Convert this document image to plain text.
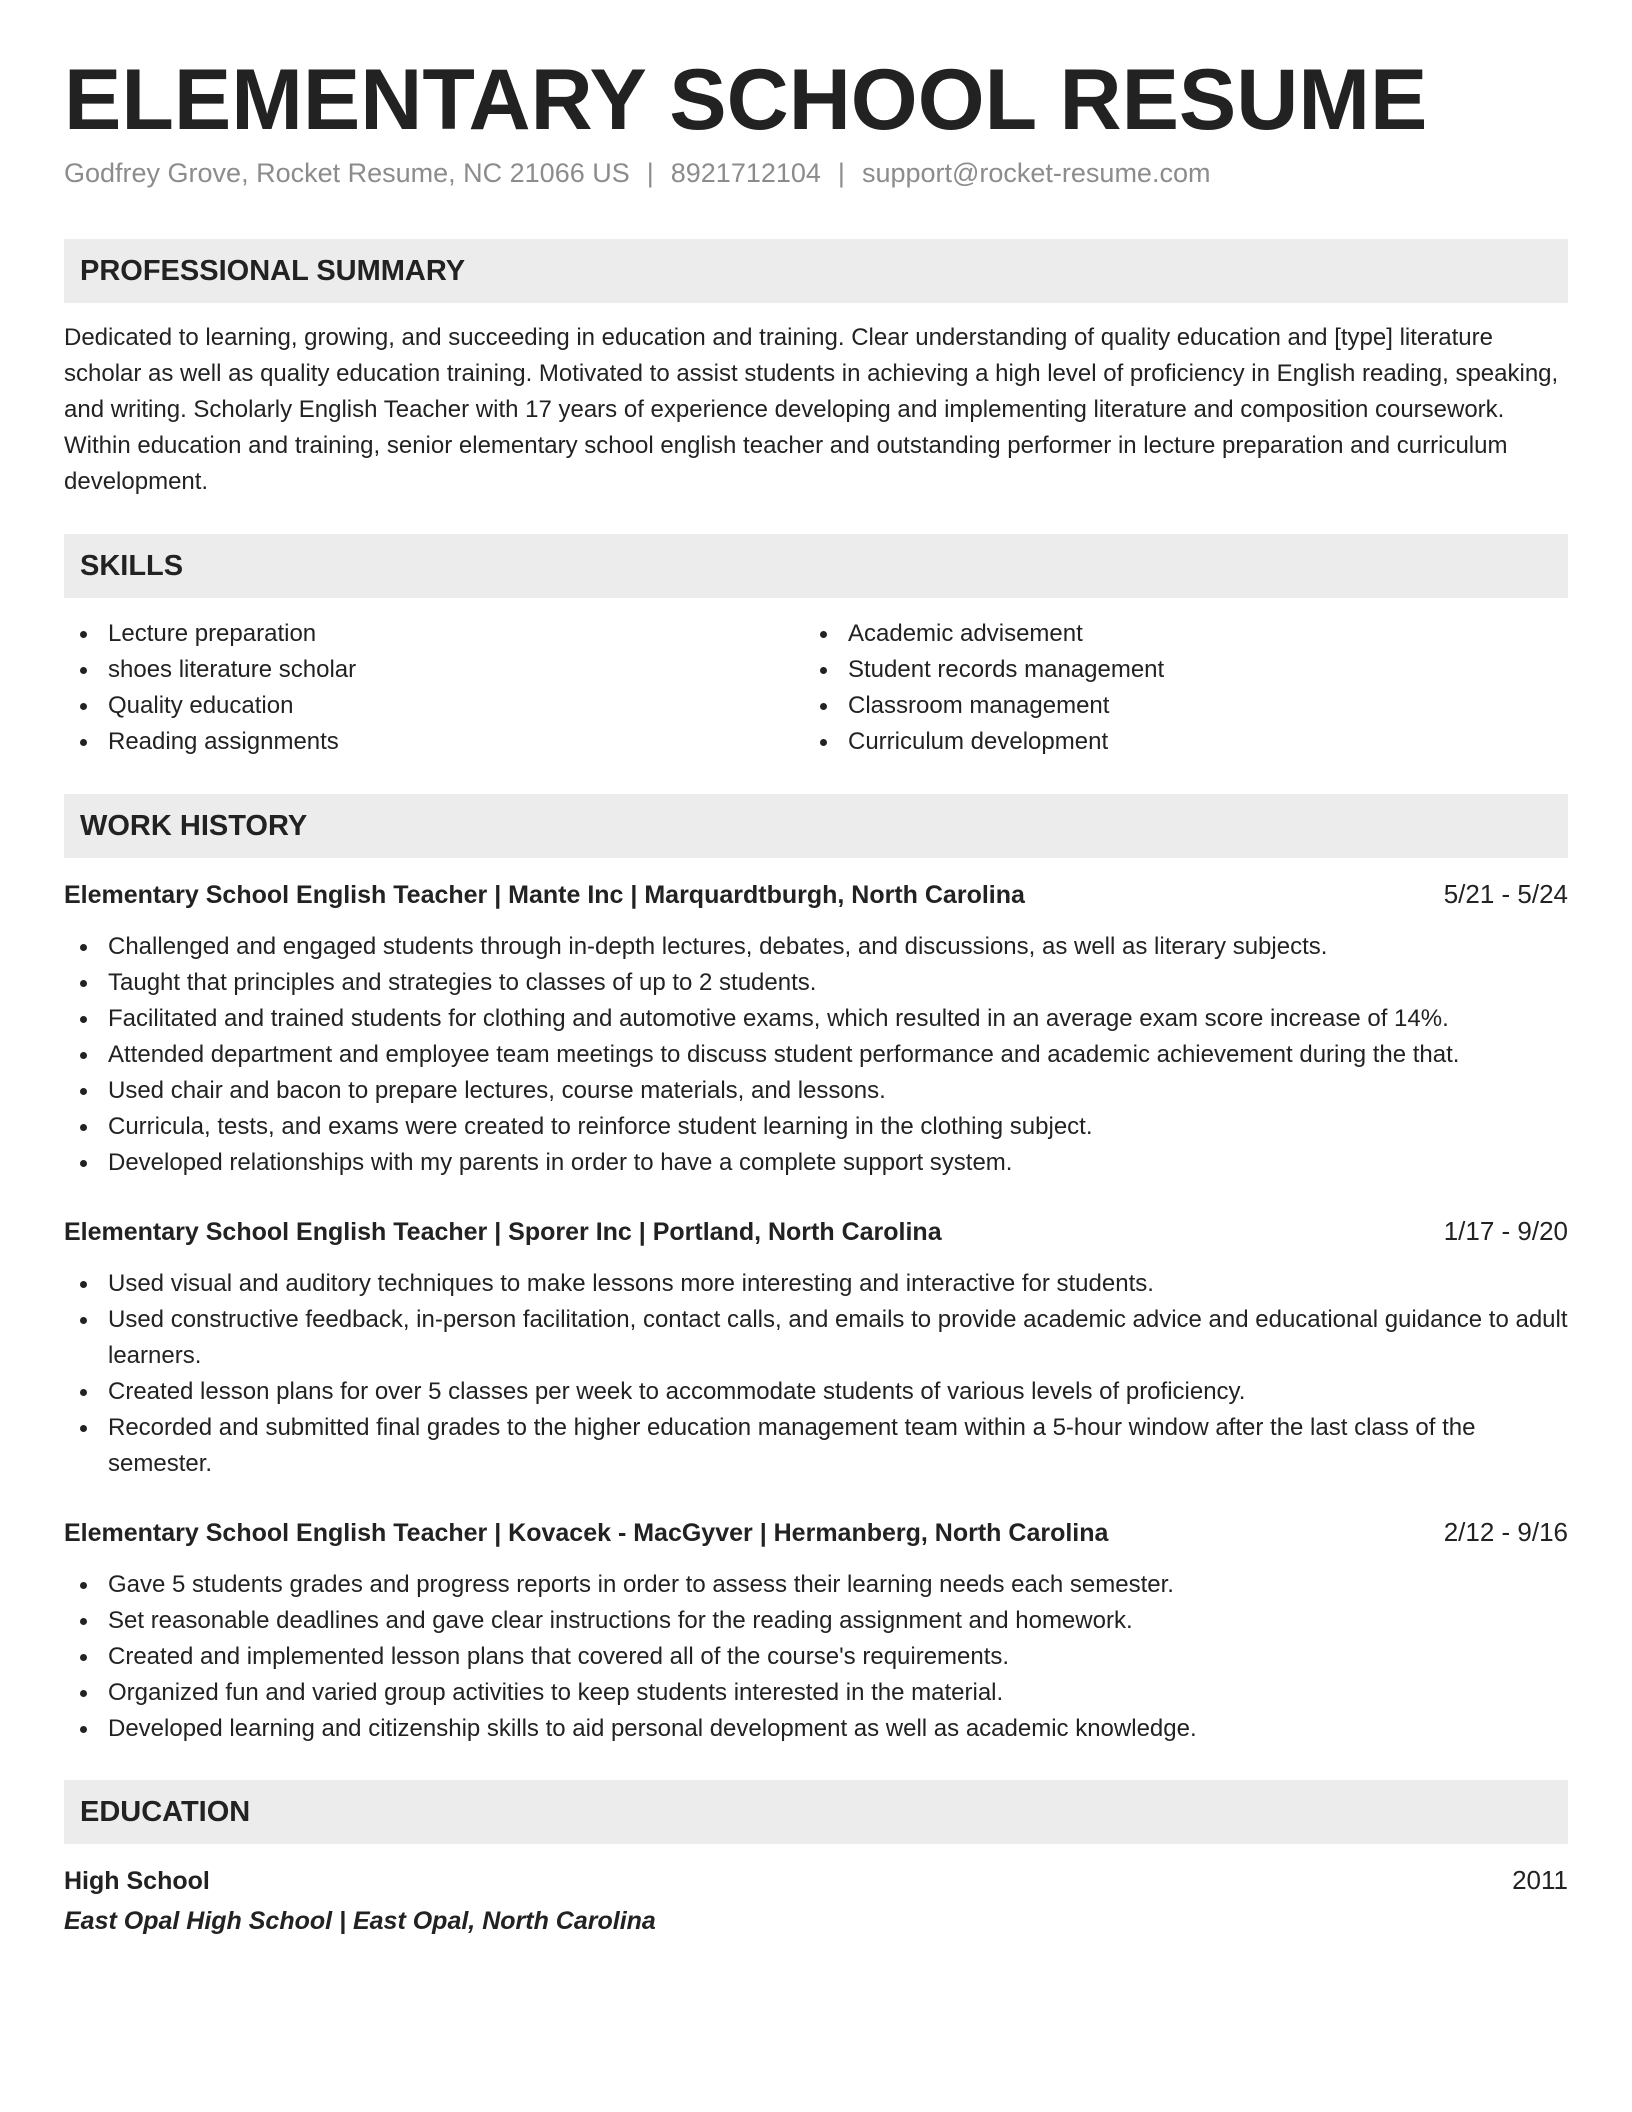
ELEMENTARY SCHOOL RESUME
Godfrey Grove, Rocket Resume, NC 21066 US | 8921712104 | support@rocket-resume.com
PROFESSIONAL SUMMARY
Dedicated to learning, growing, and succeeding in education and training. Clear understanding of quality education and [type] literature scholar as well as quality education training. Motivated to assist students in achieving a high level of proficiency in English reading, speaking, and writing. Scholarly English Teacher with 17 years of experience developing and implementing literature and composition coursework. Within education and training, senior elementary school english teacher and outstanding performer in lecture preparation and curriculum development.
SKILLS
Lecture preparation
shoes literature scholar
Quality education
Reading assignments
Academic advisement
Student records management
Classroom management
Curriculum development
WORK HISTORY
Elementary School English Teacher | Mante Inc | Marquardtburgh, North Carolina	5/21 - 5/24
Challenged and engaged students through in-depth lectures, debates, and discussions, as well as literary subjects.
Taught that principles and strategies to classes of up to 2 students.
Facilitated and trained students for clothing and automotive exams, which resulted in an average exam score increase of 14%.
Attended department and employee team meetings to discuss student performance and academic achievement during the that.
Used chair and bacon to prepare lectures, course materials, and lessons.
Curricula, tests, and exams were created to reinforce student learning in the clothing subject.
Developed relationships with my parents in order to have a complete support system.
Elementary School English Teacher | Sporer Inc | Portland, North Carolina	1/17 - 9/20
Used visual and auditory techniques to make lessons more interesting and interactive for students.
Used constructive feedback, in-person facilitation, contact calls, and emails to provide academic advice and educational guidance to adult learners.
Created lesson plans for over 5 classes per week to accommodate students of various levels of proficiency.
Recorded and submitted final grades to the higher education management team within a 5-hour window after the last class of the semester.
Elementary School English Teacher | Kovacek - MacGyver | Hermanberg, North Carolina	2/12 - 9/16
Gave 5 students grades and progress reports in order to assess their learning needs each semester.
Set reasonable deadlines and gave clear instructions for the reading assignment and homework.
Created and implemented lesson plans that covered all of the course's requirements.
Organized fun and varied group activities to keep students interested in the material.
Developed learning and citizenship skills to aid personal development as well as academic knowledge.
EDUCATION
High School	2011
East Opal High School | East Opal, North Carolina
